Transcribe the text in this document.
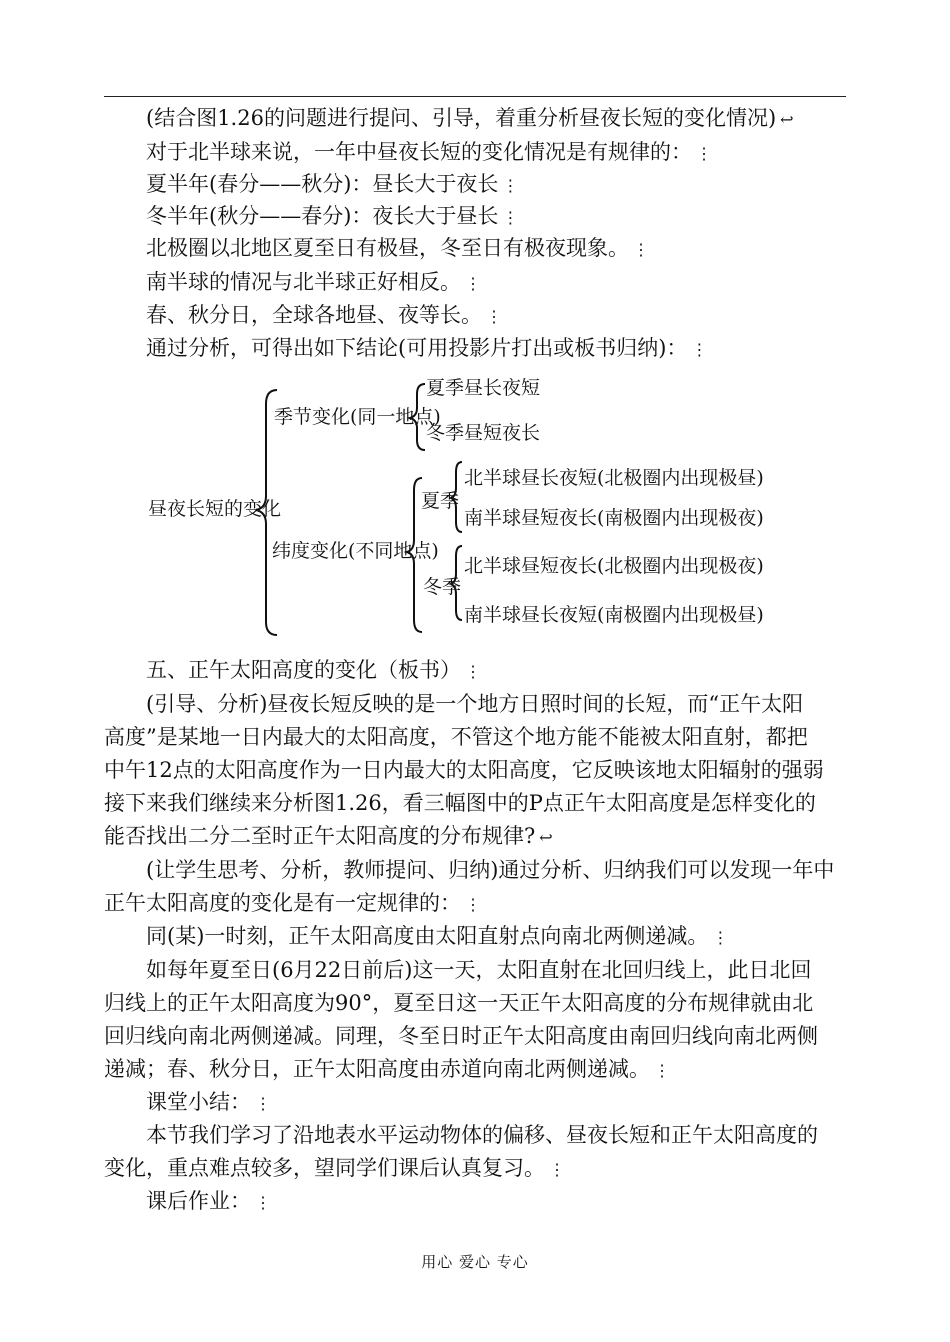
(结合图1.26的问题进行提问、引导，着重分析昼夜长短的变化情况) ↩
对于北半球来说，一年中昼夜长短的变化情况是有规律的： ⋮
夏半年(春分——秋分)：昼长大于夜长 ⋮
冬半年(秋分——春分)：夜长大于昼长 ⋮
北极圈以北地区夏至日有极昼，冬至日有极夜现象。 ⋮
南半球的情况与北半球正好相反。 ⋮
春、秋分日，全球各地昼、夜等长。 ⋮
通过分析，可得出如下结论(可用投影片打出或板书归纳)： ⋮
昼夜长短的变化
季节变化(同一地点)
夏季昼长夜短
冬季昼短夜长
纬度变化(不同地点)
夏季
北半球昼长夜短(北极圈内出现极昼)
南半球昼短夜长(南极圈内出现极夜)
冬季
北半球昼短夜长(北极圈内出现极夜)
南半球昼长夜短(南极圈内出现极昼)
五、正午太阳高度的变化（板书） ⋮
(引导、分析)昼夜长短反映的是一个地方日照时间的长短，而“正午太阳
高度”是某地一日内最大的太阳高度，不管这个地方能不能被太阳直射，都把
中午12点的太阳高度作为一日内最大的太阳高度，它反映该地太阳辐射的强弱
接下来我们继续来分析图1.26，看三幅图中的P点正午太阳高度是怎样变化的
能否找出二分二至时正午太阳高度的分布规律? ↩
(让学生思考、分析，教师提问、归纳)通过分析、归纳我们可以发现一年中
正午太阳高度的变化是有一定规律的： ⋮
同(某)一时刻，正午太阳高度由太阳直射点向南北两侧递减。 ⋮
如每年夏至日(6月22日前后)这一天，太阳直射在北回归线上，此日北回
归线上的正午太阳高度为90°，夏至日这一天正午太阳高度的分布规律就由北
回归线向南北两侧递减。同理，冬至日时正午太阳高度由南回归线向南北两侧
递减；春、秋分日，正午太阳高度由赤道向南北两侧递减。 ⋮
课堂小结： ⋮
本节我们学习了沿地表水平运动物体的偏移、昼夜长短和正午太阳高度的
变化，重点难点较多，望同学们课后认真复习。 ⋮
课后作业： ⋮
用心 爱心 专心
